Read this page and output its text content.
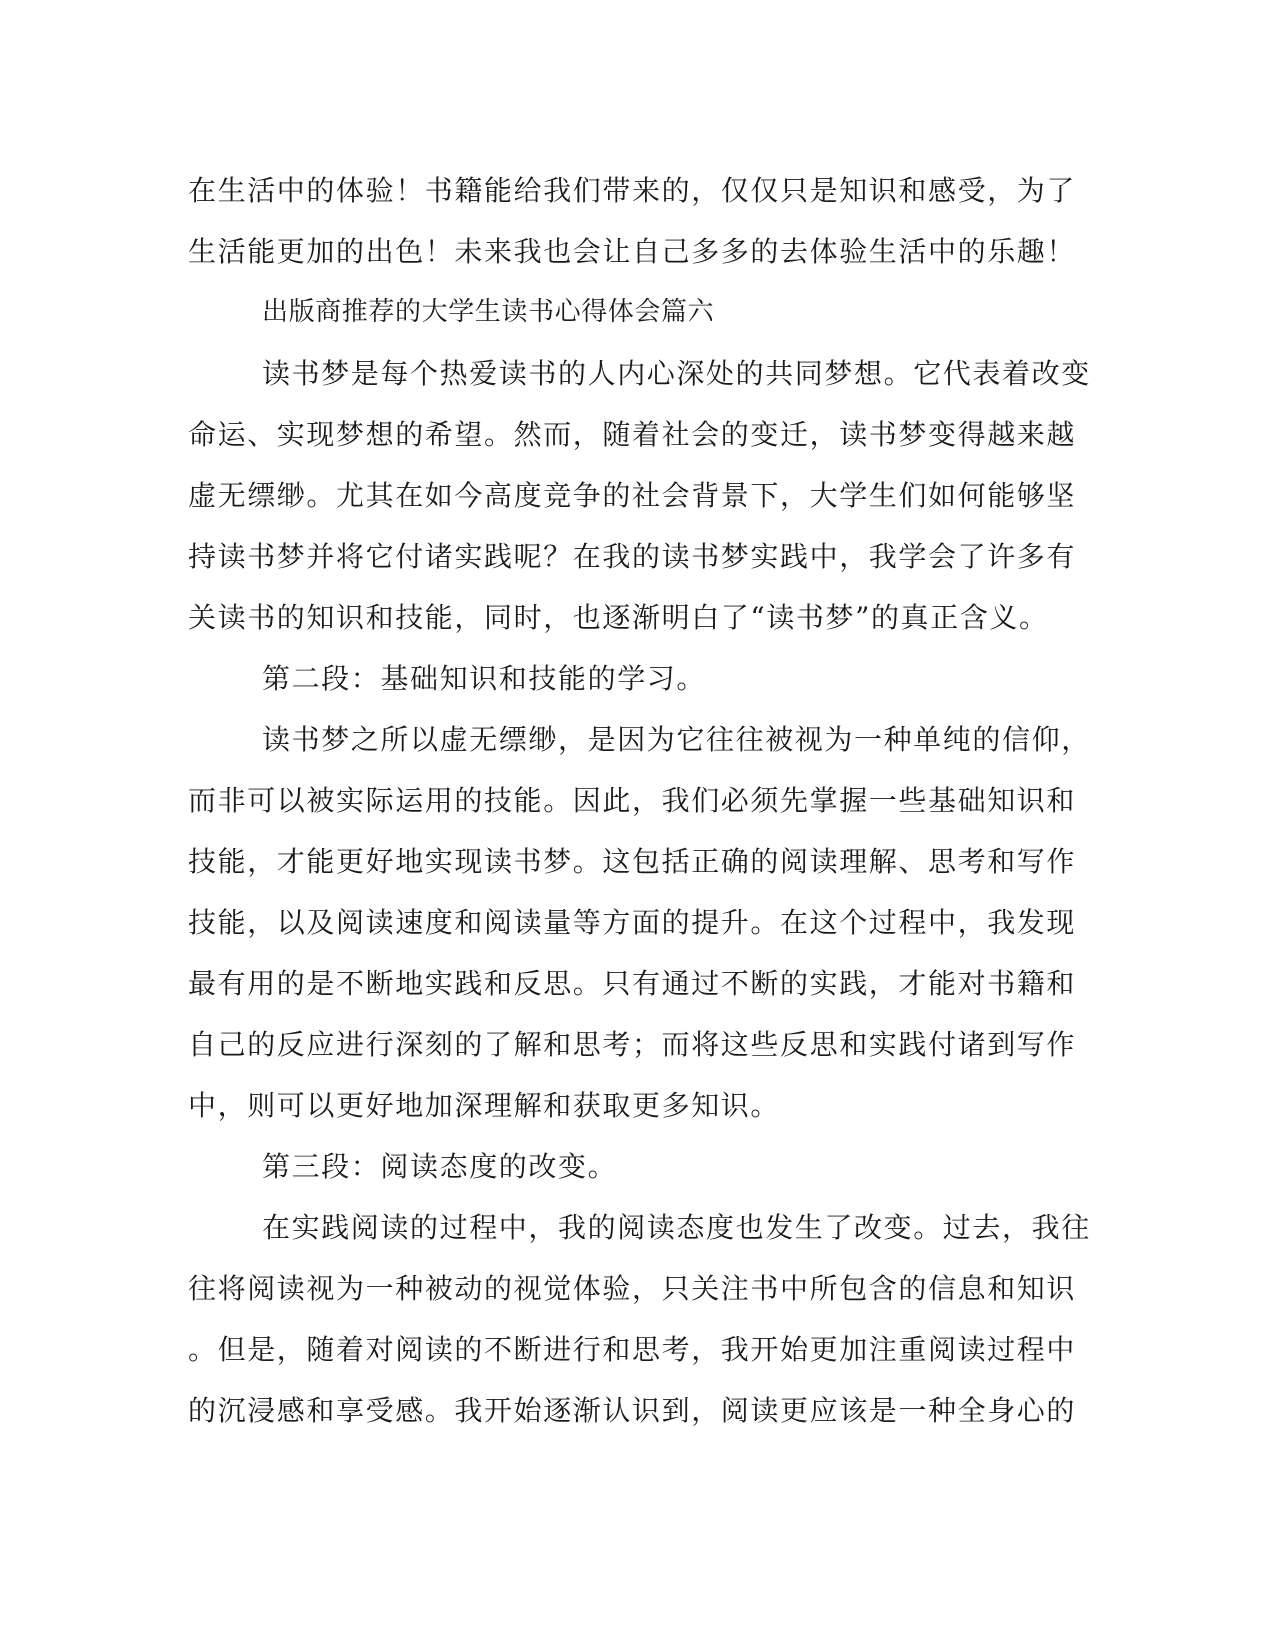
在生活中的体验！书籍能给我们带来的，仅仅只是知识和感受，为了
生活能更加的出色！未来我也会让自己多多的去体验生活中的乐趣！
出版商推荐的大学生读书心得体会篇六
读书梦是每个热爱读书的人内心深处的共同梦想。它代表着改变
命运、实现梦想的希望。然而，随着社会的变迁，读书梦变得越来越
虚无缥缈。尤其在如今高度竞争的社会背景下，大学生们如何能够坚
持读书梦并将它付诸实践呢？在我的读书梦实践中，我学会了许多有
关读书的知识和技能，同时，也逐渐明白了“读书梦”的真正含义。
第二段：基础知识和技能的学习。
读书梦之所以虚无缥缈，是因为它往往被视为一种单纯的信仰，
而非可以被实际运用的技能。因此，我们必须先掌握一些基础知识和
技能，才能更好地实现读书梦。这包括正确的阅读理解、思考和写作
技能，以及阅读速度和阅读量等方面的提升。在这个过程中，我发现
最有用的是不断地实践和反思。只有通过不断的实践，才能对书籍和
自己的反应进行深刻的了解和思考；而将这些反思和实践付诸到写作
中，则可以更好地加深理解和获取更多知识。
第三段：阅读态度的改变。
在实践阅读的过程中，我的阅读态度也发生了改变。过去，我往
往将阅读视为一种被动的视觉体验，只关注书中所包含的信息和知识
。但是，随着对阅读的不断进行和思考，我开始更加注重阅读过程中
的沉浸感和享受感。我开始逐渐认识到，阅读更应该是一种全身心的
